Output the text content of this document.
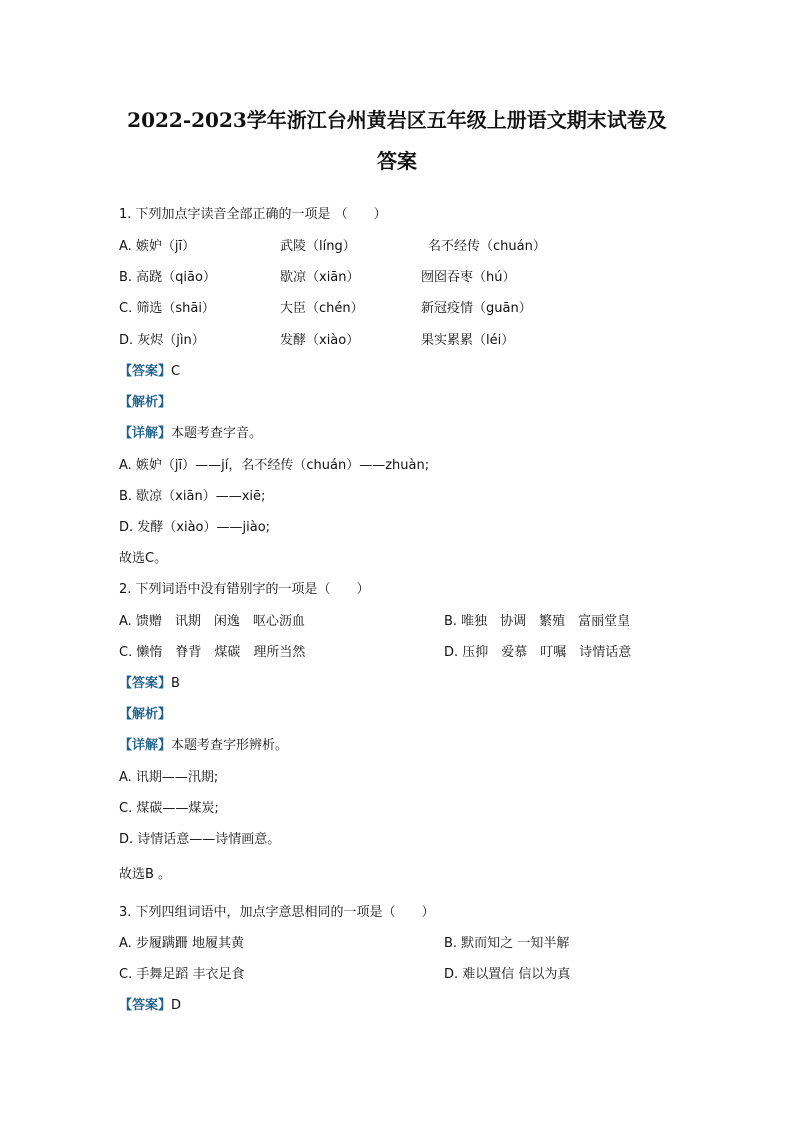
2022-2023学年浙江台州黄岩区五年级上册语文期末试卷及
答案
1. 下列加点字读音全部正确的一项是 （　　）
A. 嫉妒（jī）	武陵（líng）	名不经传（chuán）
B. 高跷（qiāo）	歇凉（xiān）	囫囵吞枣（hú）
C. 筛选（shāi）	大臣（chén）	新冠疫情（guān）
D. 灰烬（jìn）	发酵（xiào）	果实累累（léi）
【答案】C
【解析】
【详解】本题考查字音。
A. 嫉妒（jī）——jí，名不经传（chuán）——zhuàn;
B. 歇凉（xiān）——xiē;
D. 发酵（xiào）——jiào;
故选C。
2. 下列词语中没有错别字的一项是（　　）
A. 馈赠　讯期　闲逸　呕心沥血	B. 唯独　协调　繁殖　富丽堂皇
C. 懒惰　脊背　煤碳　理所当然	D. 压抑　爱慕　叮嘱　诗情话意
【答案】B
【解析】
【详解】本题考查字形辨析。
A. 讯期——汛期;
C. 煤碳——煤炭;
D. 诗情话意——诗情画意。
故选B 。
3. 下列四组词语中，加点字意思相同的一项是（　　）
A. 步履蹒跚 地履其黄	B. 默而知之 一知半解
C. 手舞足蹈 丰衣足食	D. 难以置信 信以为真
【答案】D
